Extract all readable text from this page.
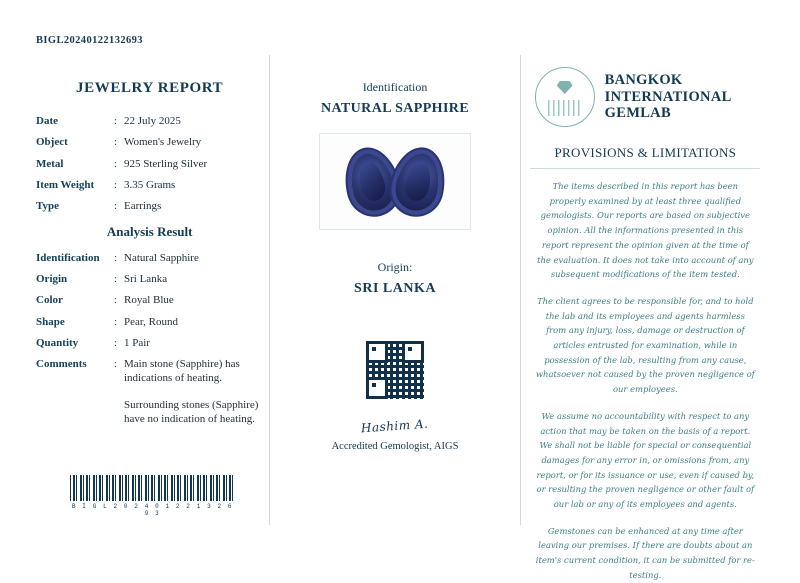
BIGL20240122132693
JEWELRY REPORT
Date	: 22 July 2025
Object	: Women's Jewelry
Metal	: 925 Sterling Silver
Item Weight	: 3.35 Grams
Type	: Earrings
Analysis Result
Identification	: Natural Sapphire
Origin	: Sri Lanka
Color	: Royal Blue
Shape	: Pear, Round
Quantity	: 1 Pair
Comments	: Main stone (Sapphire) has indications of heating.
Surrounding stones (Sapphire) have no indication of heating.
B I G L 2 0 2 4 0 1 2 2 1 3 2 6 9 3
Identification
NATURAL SAPPHIRE
Origin:
SRI LANKA
Hashim A.
Accredited Gemologist, AIGS
BANGKOK
INTERNATIONAL
GEMLAB
PROVISIONS & LIMITATIONS
The items described in this report has been properly examined by at least three qualified gemologists. Our reports are based on subjective opinion. All the informations presented in this report represent the opinion given at the time of the evaluation. It does not take into account of any subsequent modifications of the item tested.
The client agrees to be responsible for, and to hold the lab and its employees and agents harmless from any injury, loss, damage or destruction of articles entrusted for examination, while in possession of the lab, resulting from any cause, whatsoever not caused by the proven negligence of our employees.
We assume no accountability with respect to any action that may be taken on the basis of a report. We shall not be liable for special or consequential damages for any error in, or omissions from, any report, or for its issuance or use, even if caused by, or resulting the proven negligence or other fault of our lab or any of its employees and agents.
Gemstones can be enhanced at any time after leaving our premises. If there are doubts about an item's current condition, it can be submitted for re-testing.
